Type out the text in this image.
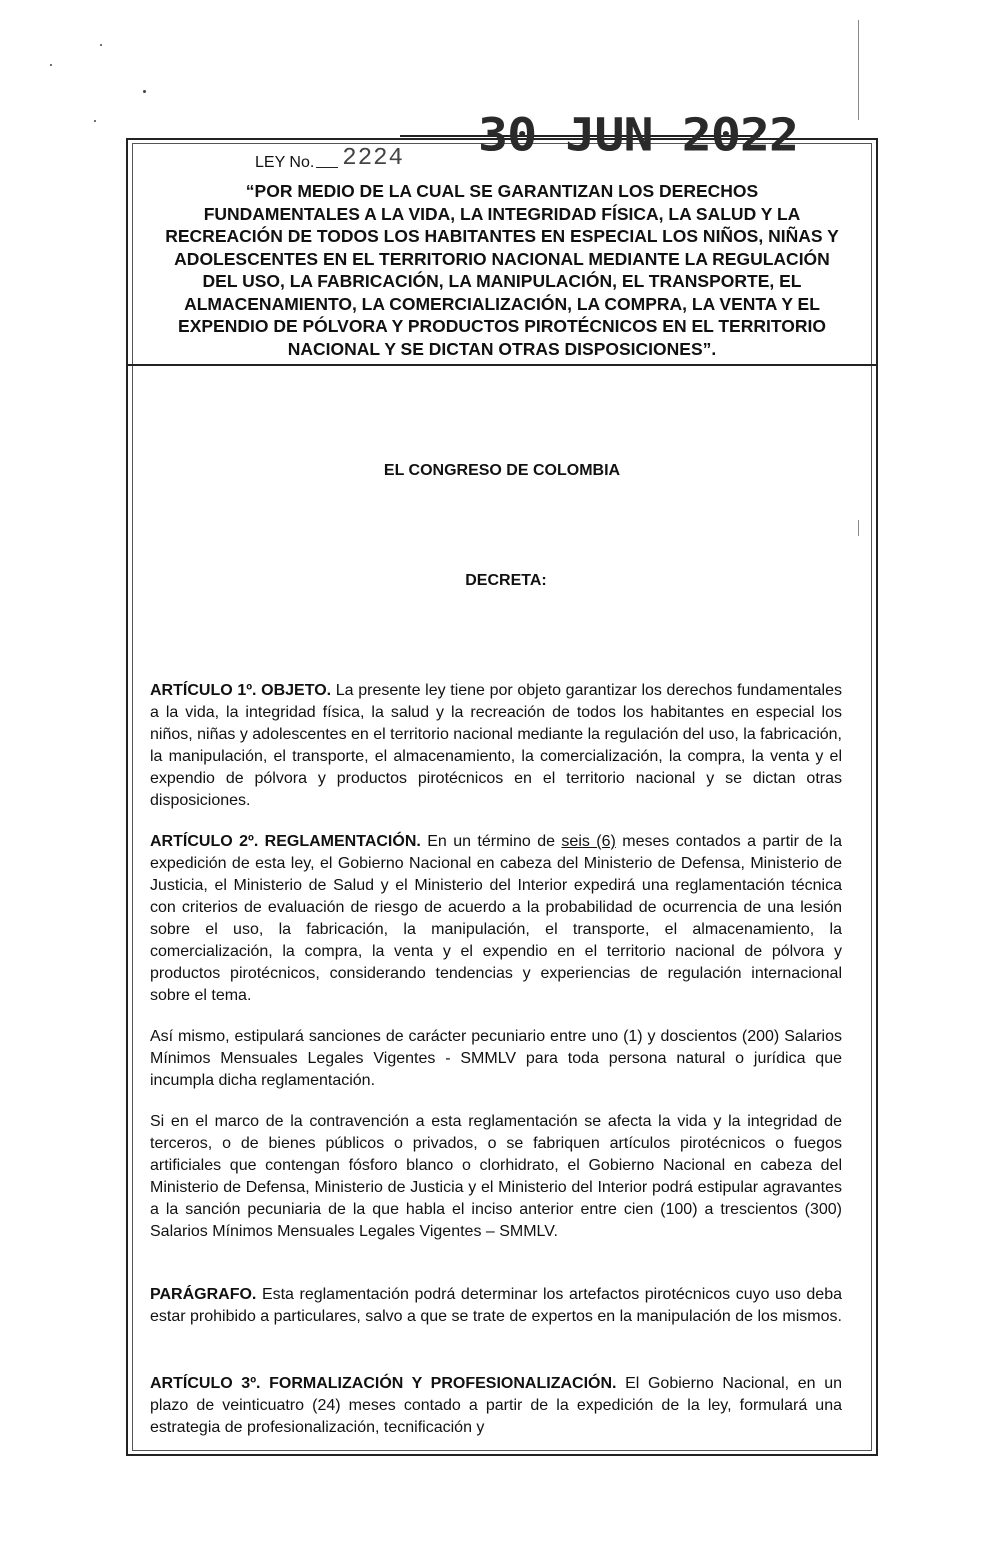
LEY No. 2224 30 JUN 2022
“POR MEDIO DE LA CUAL SE GARANTIZAN LOS DERECHOS
FUNDAMENTALES A LA VIDA, LA INTEGRIDAD FÍSICA, LA SALUD Y LA
RECREACIÓN DE TODOS LOS HABITANTES EN ESPECIAL LOS NIÑOS, NIÑAS Y
ADOLESCENTES EN EL TERRITORIO NACIONAL MEDIANTE LA REGULACIÓN
DEL USO, LA FABRICACIÓN, LA MANIPULACIÓN, EL TRANSPORTE, EL
ALMACENAMIENTO, LA COMERCIALIZACIÓN, LA COMPRA, LA VENTA Y EL
EXPENDIO DE PÓLVORA Y PRODUCTOS PIROTÉCNICOS EN EL TERRITORIO
NACIONAL Y SE DICTAN OTRAS DISPOSICIONES”.
EL CONGRESO DE COLOMBIA
DECRETA:
ARTÍCULO 1º. OBJETO. La presente ley tiene por objeto garantizar los derechos fundamentales a la vida, la integridad física, la salud y la recreación de todos los habitantes en especial los niños, niñas y adolescentes en el territorio nacional mediante la regulación del uso, la fabricación, la manipulación, el transporte, el almacenamiento, la comercialización, la compra, la venta y el expendio de pólvora y productos pirotécnicos en el territorio nacional y se dictan otras disposiciones.
ARTÍCULO 2º. REGLAMENTACIÓN. En un término de seis (6) meses contados a partir de la expedición de esta ley, el Gobierno Nacional en cabeza del Ministerio de Defensa, Ministerio de Justicia, el Ministerio de Salud y el Ministerio del Interior expedirá una reglamentación técnica con criterios de evaluación de riesgo de acuerdo a la probabilidad de ocurrencia de una lesión sobre el uso, la fabricación, la manipulación, el transporte, el almacenamiento, la comercialización, la compra, la venta y el expendio en el territorio nacional de pólvora y productos pirotécnicos, considerando tendencias y experiencias de regulación internacional sobre el tema.
Así mismo, estipulará sanciones de carácter pecuniario entre uno (1) y doscientos (200) Salarios Mínimos Mensuales Legales Vigentes - SMMLV para toda persona natural o jurídica que incumpla dicha reglamentación.
Si en el marco de la contravención a esta reglamentación se afecta la vida y la integridad de terceros, o de bienes públicos o privados, o se fabriquen artículos pirotécnicos o fuegos artificiales que contengan fósforo blanco o clorhidrato, el Gobierno Nacional en cabeza del Ministerio de Defensa, Ministerio de Justicia y el Ministerio del Interior podrá estipular agravantes a la sanción pecuniaria de la que habla el inciso anterior entre cien (100) a trescientos (300) Salarios Mínimos Mensuales Legales Vigentes – SMMLV.
PARÁGRAFO. Esta reglamentación podrá determinar los artefactos pirotécnicos cuyo uso deba estar prohibido a particulares, salvo a que se trate de expertos en la manipulación de los mismos.
ARTÍCULO 3º. FORMALIZACIÓN Y PROFESIONALIZACIÓN. El Gobierno Nacional, en un plazo de veinticuatro (24) meses contado a partir de la expedición de la ley, formulará una estrategia de profesionalización, tecnificación y
